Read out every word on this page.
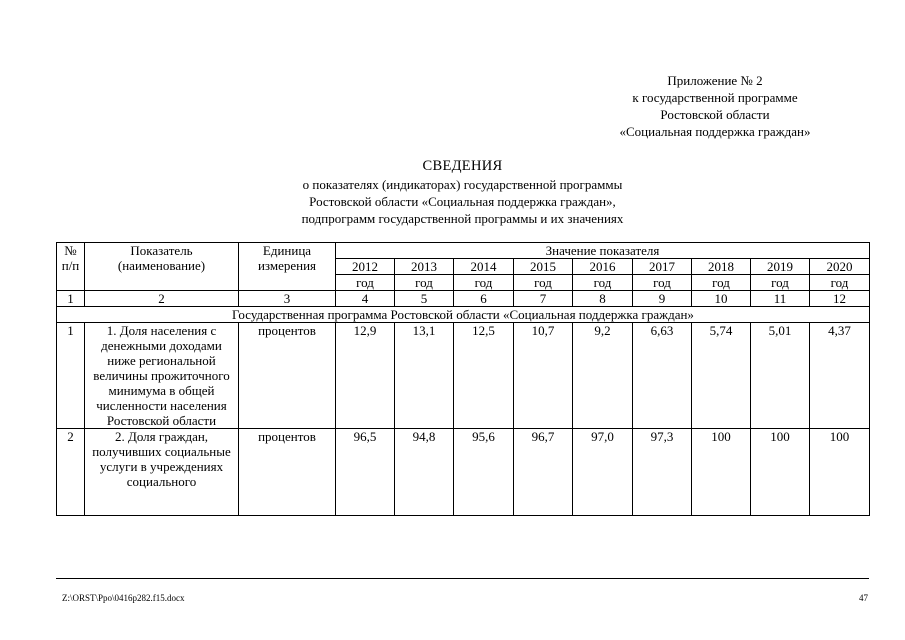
Приложение № 2
к государственной программе
Ростовской области
«Социальная поддержка граждан»
СВЕДЕНИЯ
о показателях (индикаторах) государственной программы
Ростовской области «Социальная поддержка граждан»,
подпрограмм государственной программы и их значениях
№ п/п	Показатель (наименование)	Единица измерения	Значение показателя								
			2012	2013	2014	2015	2016	2017	2018	2019	2020
			год	год	год	год	год	год	год	год	год
1	2	3	4	5	6	7	8	9	10	11	12
Государственная программа Ростовской области «Социальная поддержка граждан»											
1	1. Доля населения с денежными доходами ниже региональной величины прожиточного минимума в общей численности населения Ростовской области	процентов	12,9	13,1	12,5	10,7	9,2	6,63	5,74	5,01	4,37
2	2. Доля граждан, получивших социальные услуги в учреждениях социального	процентов	96,5	94,8	95,6	96,7	97,0	97,3	100	100	100
Z:\ORST\Ppo\0416p282.f15.docx	47
